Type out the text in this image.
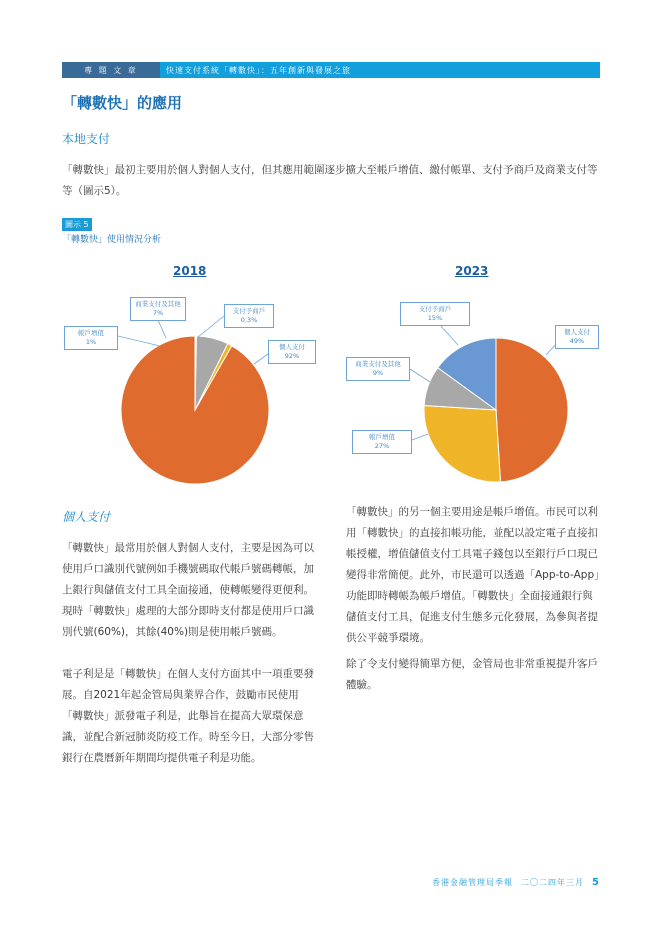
專 題 文 章	快速支付系統「轉數快」：五年創新與發展之旅
「轉數快」的應用
本地支付
「轉數快」最初主要用於個人對個人支付，但其應用範圍逐步擴大至帳戶增值、繳付帳單、支付予商戶及商業支付等等（圖示5）。
圖示 5
「轉數快」使用情況分析
2018
商業支付及其他
7%	支付予商戶
0.3%
帳戶增值
1%
個人支付
92%
2023
支付予商戶
15%
個人支付
49%
商業支付及其他
9%
帳戶增值
27%
個人支付
「轉數快」最常用於個人對個人支付，主要是因為可以使用戶口識別代號例如手機號碼取代帳戶號碼轉帳，加上銀行與儲值支付工具全面接通，使轉帳變得更便利。現時「轉數快」處理的大部分即時支付都是使用戶口識別代號(60%)，其餘(40%)則是使用帳戶號碼。
電子利是是「轉數快」在個人支付方面其中一項重要發展。自2021年起金管局與業界合作，鼓勵市民使用「轉數快」派發電子利是，此舉旨在提高大眾環保意識，並配合新冠肺炎防疫工作。時至今日，大部分零售銀行在農曆新年期間均提供電子利是功能。
「轉數快」的另一個主要用途是帳戶增值。市民可以利用「轉數快」的直接扣帳功能，並配以設定電子直接扣帳授權，增值儲值支付工具電子錢包以至銀行戶口現已變得非常簡便。此外，市民還可以透過「App-to-App」功能即時轉帳為帳戶增值。「轉數快」全面接通銀行與儲值支付工具，促進支付生態多元化發展，為參與者提供公平競爭環境。
除了令支付變得簡單方便，金管局也非常重視提升客戶體驗。
香港金融管理局季報 二〇二四年三月 5
